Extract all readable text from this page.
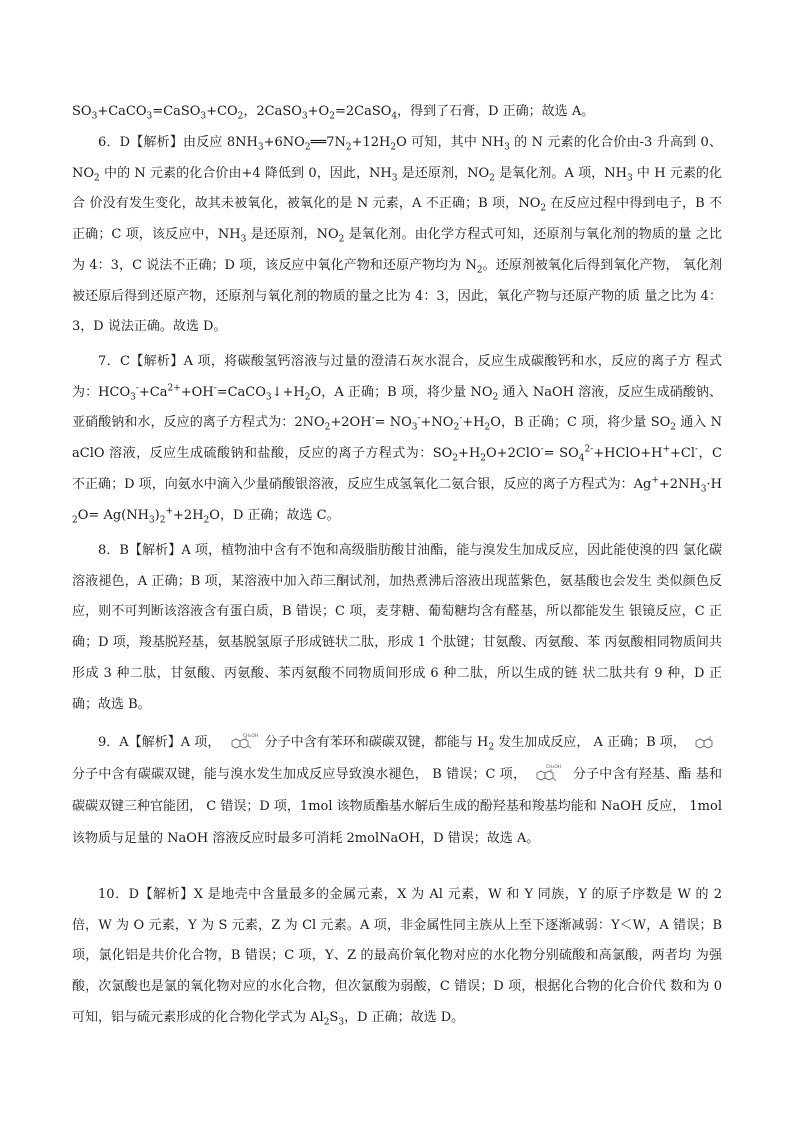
$SO_3+CaCO_3=CaSO_3+CO_2$，$2CaSO_3+O_2=2CaSO_4$，得到了石膏，D 正确；故选 A。
6．D【解析】由反应 $8NH_3+6NO_2══7N_2+12H_2O$ 可知，其中 $NH_3$ 的 N 元素的化合价由-3 升高到 0、$NO_2$ 中的 N 元素的化合价由+4 降低到 0，因此，$NH_3$ 是还原剂，$NO_2$ 是氧化剂。A 项，$NH_3$ 中 H 元素的化合 价没有发生变化，故其未被氧化，被氧化的是 N 元素，A 不正确；B 项，$NO_2$ 在反应过程中得到电子，B 不正确；C 项，该反应中，$NH_3$ 是还原剂，$NO_2$ 是氧化剂。由化学方程式可知，还原剂与氧化剂的物质的量 之比为 4：3，C 说法不正确；D 项，该反应中氧化产物和还原产物均为 $N_2$。还原剂被氧化后得到氧化产物， 氧化剂被还原后得到还原产物，还原剂与氧化剂的物质的量之比为 4：3，因此，氧化产物与还原产物的质 量之比为 4：3，D 说法正确。故选 D。
7．C【解析】A 项，将碳酸氢钙溶液与过量的澄清石灰水混合，反应生成碳酸钙和水，反应的离子方 程式为：$HCO_3^-+Ca^{2+}+OH^-=CaCO_3↓+H_2O$，A 正确；B 项，将少量 $NO_2$ 通入 NaOH 溶液，反应生成硝酸钠、 亚硝酸钠和水，反应的离子方程式为：$2NO_2+2OH^-= NO_3^-+NO_2^-+H_2O$，B 正确；C 项，将少量 $SO_2$ 通入 NaClO 溶液，反应生成硫酸钠和盐酸，反应的离子方程式为：$SO_2+H_2O+2ClO^-=$ $SO_4^{2-}+HClO+H^++Cl^-$，C 不正确；D 项，向氨水中滴入少量硝酸银溶液，反应生成氢氧化二氨合银，反应的离子方程式为：$Ag^++2NH_3\cdot H_2O= Ag(NH_3)_2^++2H_2O$，D 正确；故选 C。
8．B【解析】A 项，植物油中含有不饱和高级脂肪酸甘油酯，能与溴发生加成反应，因此能使溴的四 氯化碳溶液褪色，A 正确；B 项，某溶液中加入茚三酮试剂，加热煮沸后溶液出现蓝紫色，氨基酸也会发生 类似颜色反应，则不可判断该溶液含有蛋白质，B 错误；C 项，麦芽糖、葡萄糖均含有醛基，所以都能发生 银镜反应，C 正确；D 项，羧基脱羟基，氨基脱氢原子形成链状二肽，形成 1 个肽键；甘氨酸、丙氨酸、苯 丙氨酸相同物质间共形成 3 种二肽，甘氨酸、丙氨酸、苯丙氨酸不同物质间形成 6 种二肽，所以生成的链 状二肽共有 9 种，D 正确；故选 B。
9．A【解析】A 项，	CH₂OH 分子中含有苯环和碳碳双键，都能与 $H_2$ 发生加成反应， A 正确；B 项，
分子中含有碳碳双键，能与溴水发生加成反应导致溴水褪色， B 错误；C 项，	CH₂OH 分子中含有羟基、酯 基和碳碳双键三种官能团， C 错误；D 项，1mol 该物质酯基水解后生成的酚羟基和羧基均能和 NaOH 反应， 1mol 该物质与足量的 NaOH 溶液反应时最多可消耗 2molNaOH，D 错误；故选 A。
10．D【解析】X 是地壳中含量最多的金属元素，X 为 Al 元素，W 和 Y 同族，Y 的原子序数是 W 的 2 倍，W 为 O 元素，Y 为 S 元素，Z 为 Cl 元素。A 项，非金属性同主族从上至下逐渐减弱：Y＜W，A 错误；B 项，氯化铝是共价化合物，B 错误；C 项，Y、Z 的最高价氧化物对应的水化物分别硫酸和高氯酸，两者均 为强酸，次氯酸也是氯的氧化物对应的水化合物，但次氯酸为弱酸，C 错误；D 项，根据化合物的化合价代 数和为 0 可知，铝与硫元素形成的化合物化学式为 $Al_2S_3$，D 正确；故选 D。
